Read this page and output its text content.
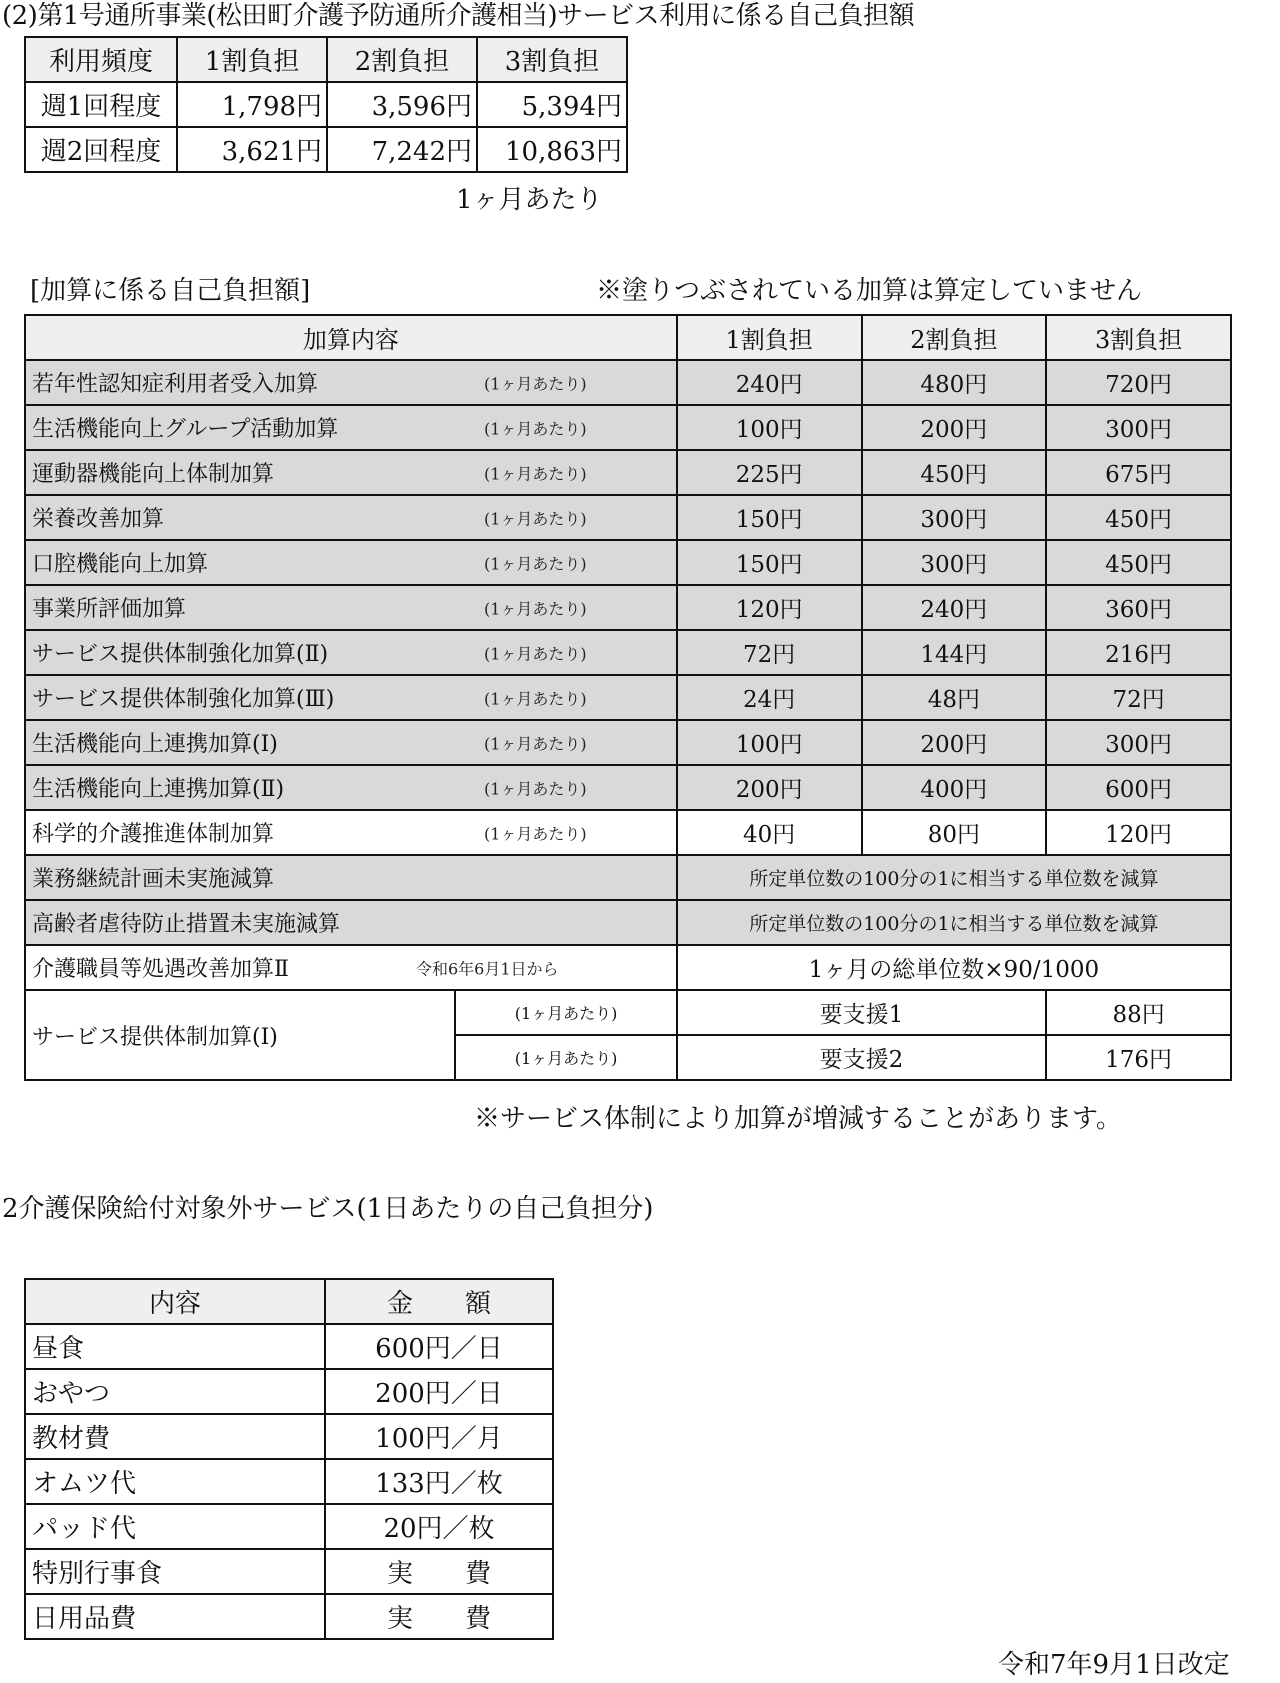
(2)第1号通所事業(松田町介護予防通所介護相当)サービス利用に係る自己負担額
利用頻度	1割負担	2割負担	3割負担
週1回程度	1,798円	3,596円	5,394円
週2回程度	3,621円	7,242円	10,863円
1ヶ月あたり
[加算に係る自己負担額]	※塗りつぶされている加算は算定していません
加算内容		1割負担	2割負担	3割負担
若年性認知症利用者受入加算 (1ヶ月あたり)		240円	480円	720円
生活機能向上グループ活動加算 (1ヶ月あたり)		100円	200円	300円
運動器機能向上体制加算 (1ヶ月あたり)		225円	450円	675円
栄養改善加算 (1ヶ月あたり)		150円	300円	450円
口腔機能向上加算 (1ヶ月あたり)		150円	300円	450円
事業所評価加算 (1ヶ月あたり)		120円	240円	360円
サービス提供体制強化加算(Ⅱ) (1ヶ月あたり)		72円	144円	216円
サービス提供体制強化加算(Ⅲ) (1ヶ月あたり)		24円	48円	72円
生活機能向上連携加算(Ⅰ) (1ヶ月あたり)		100円	200円	300円
生活機能向上連携加算(Ⅱ) (1ヶ月あたり)		200円	400円	600円
科学的介護推進体制加算 (1ヶ月あたり)		40円	80円	120円
業務継続計画未実施減算		所定単位数の100分の1に相当する単位数を減算		
高齢者虐待防止措置未実施減算		所定単位数の100分の1に相当する単位数を減算		
介護職員等処遇改善加算Ⅱ 令和6年6月1日から		1ヶ月の総単位数×90/1000		
サービス提供体制加算(Ⅰ)	(1ヶ月あたり)	要支援1		88円
	(1ヶ月あたり)	要支援2		176円
※サービス体制により加算が増減することがあります。
2介護保険給付対象外サービス(1日あたりの自己負担分)
内容	金　　額
昼食	600円／日
おやつ	200円／日
教材費	100円／月
オムツ代	133円／枚
パッド代	20円／枚
特別行事食	実　　費
日用品費	実　　費
令和7年9月1日改定
